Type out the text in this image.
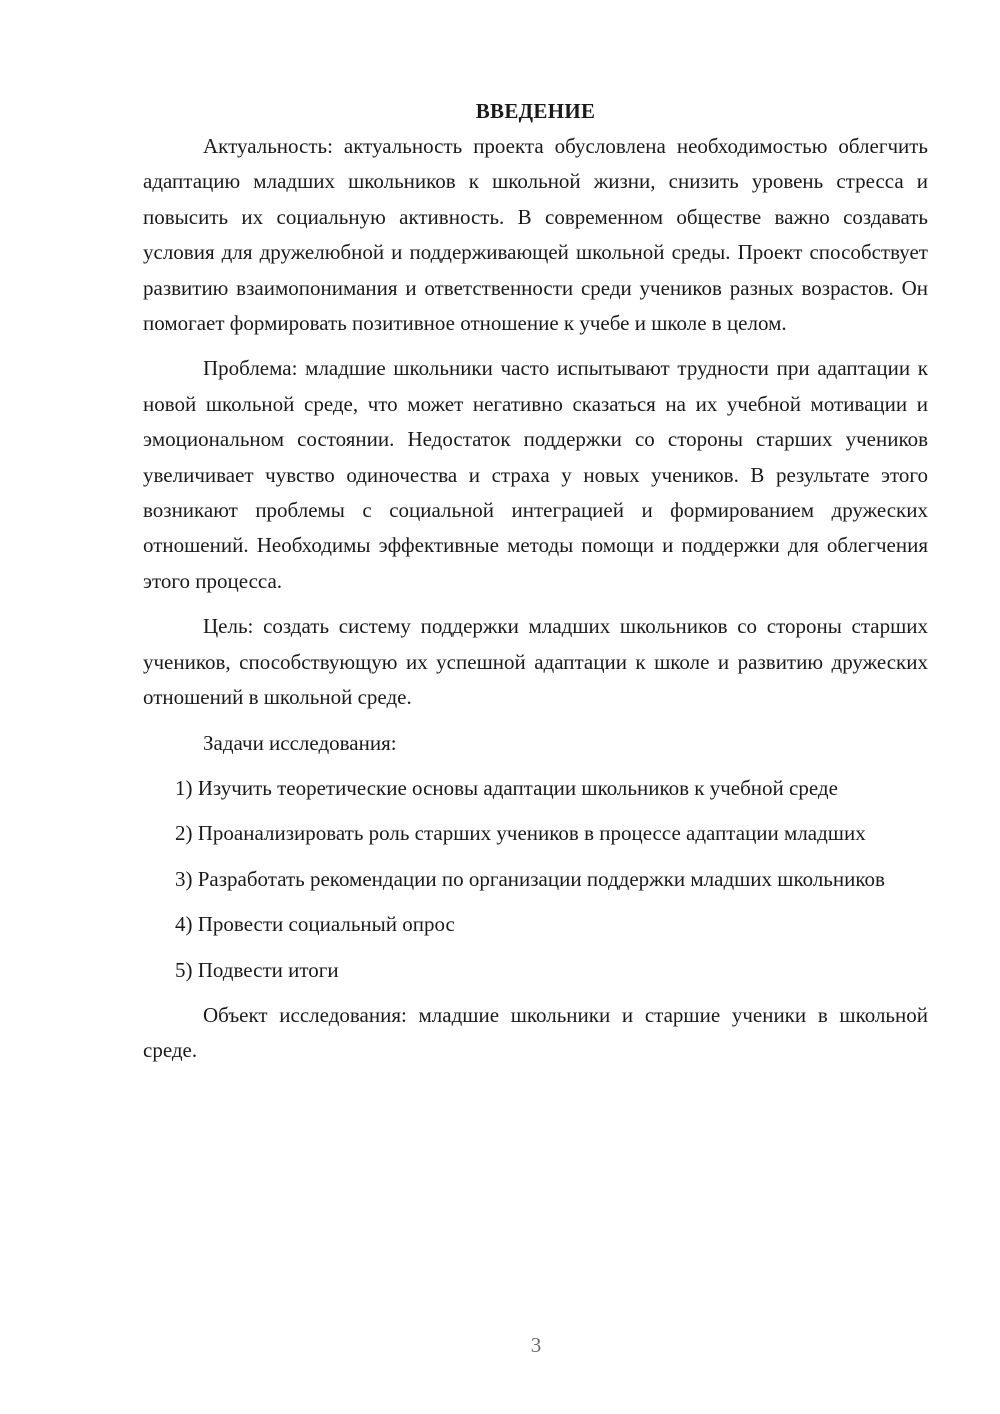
ВВЕДЕНИЕ

Актуальность: актуальность проекта обусловлена необходимостью облегчить адаптацию младших школьников к школьной жизни, снизить уровень стресса и повысить их социальную активность. В современном обществе важно создавать условия для дружелюбной и поддерживающей школьной среды. Проект способствует развитию взаимопонимания и ответственности среди учеников разных возрастов. Он помогает формировать позитивное отношение к учебе и школе в целом.

Проблема: младшие школьники часто испытывают трудности при адаптации к новой школьной среде, что может негативно сказаться на их учебной мотивации и эмоциональном состоянии. Недостаток поддержки со стороны старших учеников увеличивает чувство одиночества и страха у новых учеников. В результате этого возникают проблемы с социальной интеграцией и формированием дружеских отношений. Необходимы эффективные методы помощи и поддержки для облегчения этого процесса.

Цель: создать систему поддержки младших школьников со стороны старших учеников, способствующую их успешной адаптации к школе и развитию дружеских отношений в школьной среде.

Задачи исследования:

1) Изучить теоретические основы адаптации школьников к учебной среде

2) Проанализировать роль старших учеников в процессе адаптации младших

3) Разработать рекомендации по организации поддержки младших школьников

4) Провести социальный опрос

5) Подвести итоги

Объект исследования: младшие школьники и старшие ученики в школьной среде.

3
